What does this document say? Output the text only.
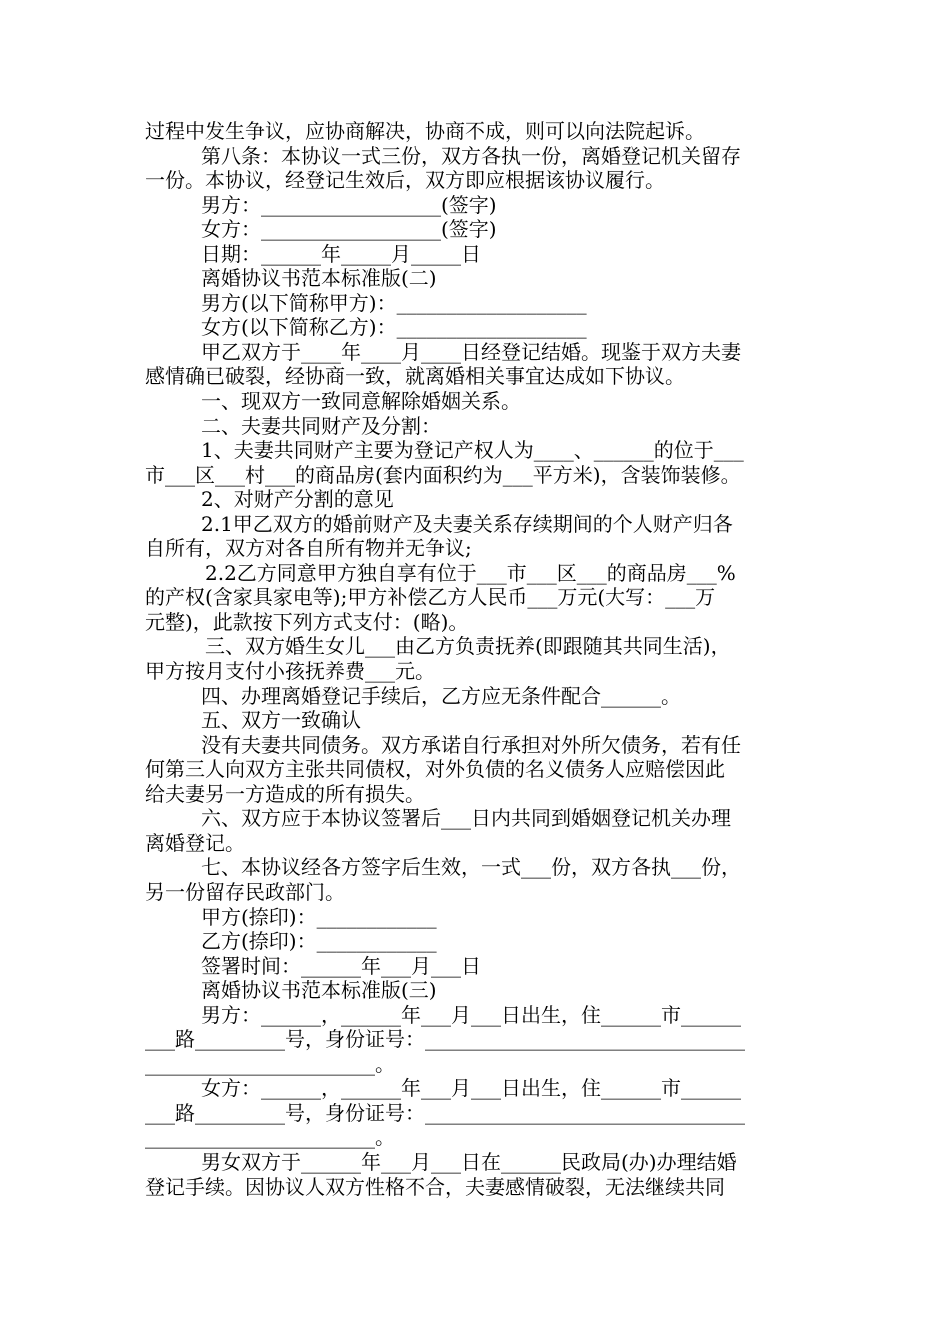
过程中发生争议，应协商解决，协商不成，则可以向法院起诉。
第八条：本协议一式三份，双方各执一份，离婚登记机关留存
一份。本协议，经登记生效后，双方即应根据该协议履行。
男方：__________________(签字)
女方：__________________(签字)
日期：______年_____月_____日
离婚协议书范本标准版(二)
男方(以下简称甲方)：___________________
女方(以下简称乙方)：___________________
甲乙双方于____年____月____日经登记结婚。现鉴于双方夫妻
感情确已破裂，经协商一致，就离婚相关事宜达成如下协议。
一、现双方一致同意解除婚姻关系。
二、夫妻共同财产及分割：
1、夫妻共同财产主要为登记产权人为____、______的位于___
市___区___村___的商品房(套内面积约为___平方米)，含装饰装修。
2、对财产分割的意见
2.1甲乙双方的婚前财产及夫妻关系存续期间的个人财产归各
自所有，双方对各自所有物并无争议;
2.2乙方同意甲方独自享有位于___市___区___的商品房___%
的产权(含家具家电等);甲方补偿乙方人民币___万元(大写：___万
元整)，此款按下列方式支付：(略)。
三、双方婚生女儿___由乙方负责抚养(即跟随其共同生活)，
甲方按月支付小孩抚养费___元。
四、办理离婚登记手续后，乙方应无条件配合______。
五、双方一致确认
没有夫妻共同债务。双方承诺自行承担对外所欠债务，若有任
何第三人向双方主张共同债权，对外负债的名义债务人应赔偿因此
给夫妻另一方造成的所有损失。
六、双方应于本协议签署后___日内共同到婚姻登记机关办理
离婚登记。
七、本协议经各方签字后生效，一式___份，双方各执___份，
另一份留存民政部门。
甲方(捺印)：____________
乙方(捺印)：____________
签署时间：______年___月___日
离婚协议书范本标准版(三)
男方：______，______年___月___日出生，住______市______
___路_________号，身份证号：________________________________
_______________________。
女方：______，______年___月___日出生，住______市______
___路_________号，身份证号：________________________________
_______________________。
男女双方于______年___月___日在______民政局(办)办理结婚
登记手续。因协议人双方性格不合，夫妻感情破裂，无法继续共同
